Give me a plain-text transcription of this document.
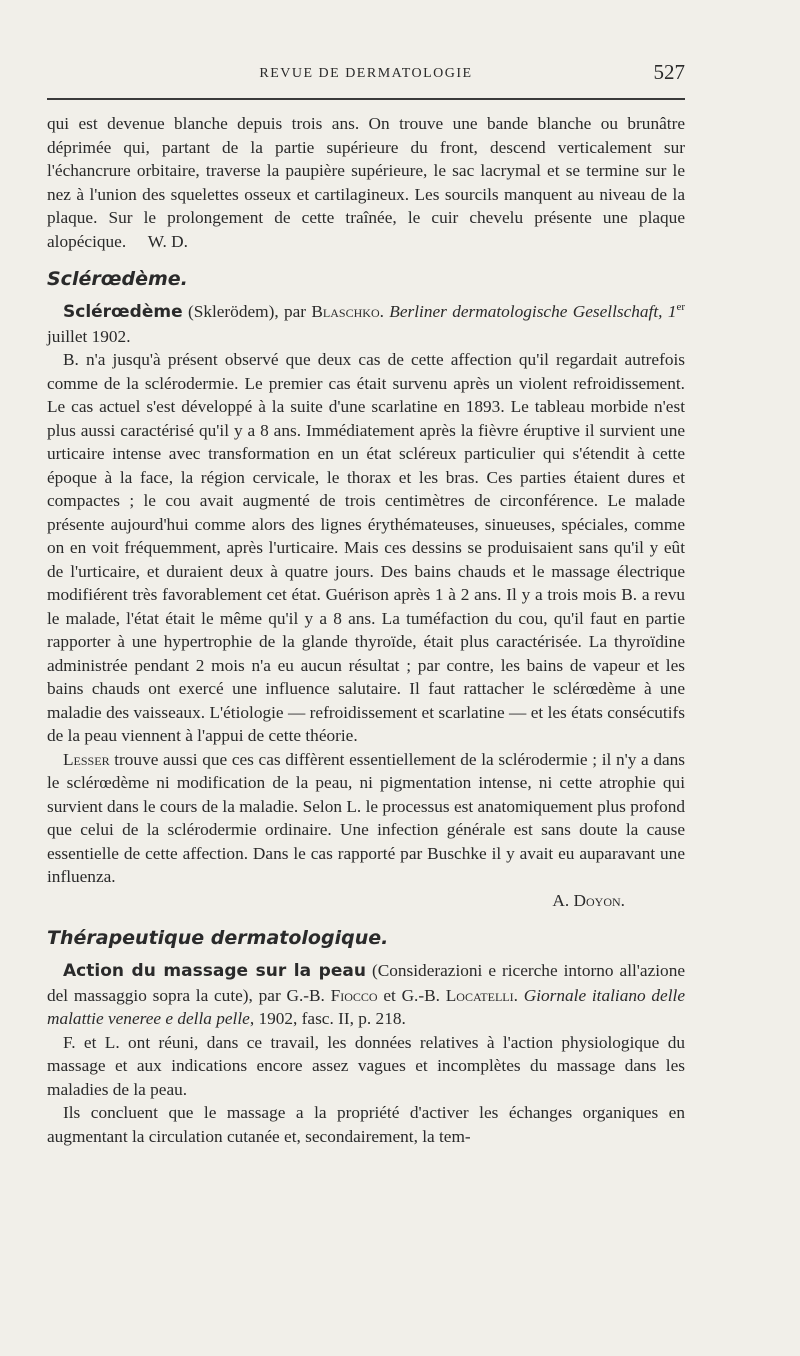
REVUE DE DERMATOLOGIE	527

qui est devenue blanche depuis trois ans. On trouve une bande blanche ou brunâtre déprimée qui, partant de la partie supérieure du front, descend verticalement sur l'échancrure orbitaire, traverse la paupière supérieure, le sac lacrymal et se termine sur le nez à l'union des squelettes osseux et cartilagineux. Les sourcils manquent au niveau de la plaque. Sur le prolongement de cette traînée, le cuir chevelu présente une plaque alopécique. W. D.

Sclérœdème.

Sclérœdème (Sklerödem), par Blaschko. Berliner dermatologische Gesellschaft, 1er juillet 1902.

B. n'a jusqu'à présent observé que deux cas de cette affection qu'il regardait autrefois comme de la sclérodermie. Le premier cas était survenu après un violent refroidissement. Le cas actuel s'est développé à la suite d'une scarlatine en 1893. Le tableau morbide n'est plus aussi caractérisé qu'il y a 8 ans. Immédiatement après la fièvre éruptive il survient une urticaire intense avec transformation en un état scléreux particulier qui s'étendit à cette époque à la face, la région cervicale, le thorax et les bras. Ces parties étaient dures et compactes ; le cou avait augmenté de trois centimètres de circonférence. Le malade présente aujourd'hui comme alors des lignes érythémateuses, sinueuses, spéciales, comme on en voit fréquemment, après l'urticaire. Mais ces dessins se produisaient sans qu'il y eût de l'urticaire, et duraient deux à quatre jours. Des bains chauds et le massage électrique modifiérent très favorablement cet état. Guérison après 1 à 2 ans. Il y a trois mois B. a revu le malade, l'état était le même qu'il y a 8 ans. La tuméfaction du cou, qu'il faut en partie rapporter à une hypertrophie de la glande thyroïde, était plus caractérisée. La thyroïdine administrée pendant 2 mois n'a eu aucun résultat ; par contre, les bains de vapeur et les bains chauds ont exercé une influence salutaire. Il faut rattacher le sclérœdème à une maladie des vaisseaux. L'étiologie — refroidissement et scarlatine — et les états consécutifs de la peau viennent à l'appui de cette théorie.

Lesser trouve aussi que ces cas diffèrent essentiellement de la sclérodermie ; il n'y a dans le sclérœdème ni modification de la peau, ni pigmentation intense, ni cette atrophie qui survient dans le cours de la maladie. Selon L. le processus est anatomiquement plus profond que celui de la sclérodermie ordinaire. Une infection générale est sans doute la cause essentielle de cette affection. Dans le cas rapporté par Buschke il y avait eu auparavant une influenza.

A. Doyon.

Thérapeutique dermatologique.

Action du massage sur la peau (Considerazioni e ricerche intorno all'azione del massaggio sopra la cute), par G.-B. Fiocco et G.-B. Locatelli. Giornale italiano delle malattie veneree e della pelle, 1902, fasc. II, p. 218.

F. et L. ont réuni, dans ce travail, les données relatives à l'action physiologique du massage et aux indications encore assez vagues et incomplètes du massage dans les maladies de la peau.

Ils concluent que le massage a la propriété d'activer les échanges organiques en augmentant la circulation cutanée et, secondairement, la tem-
